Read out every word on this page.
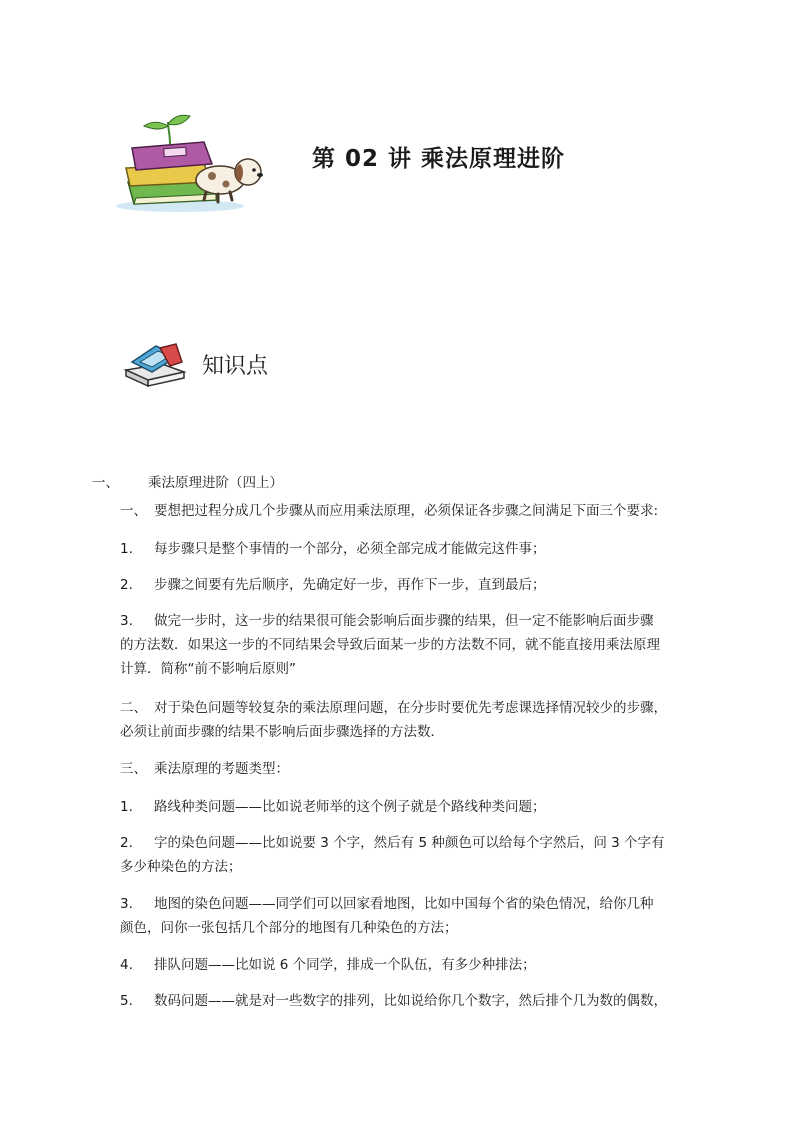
第 02 讲 乘法原理进阶
知识点
一、 乘法原理进阶（四上）
一、 要想把过程分成几个步骤从而应用乘法原理，必须保证各步骤之间满足下面三个要求:
1. 每步骤只是整个事情的一个部分，必须全部完成才能做完这件事；
2. 步骤之间要有先后顺序，先确定好一步，再作下一步，直到最后；
3. 做完一步时，这一步的结果很可能会影响后面步骤的结果，但一定不能影响后面步骤
的方法数．如果这一步的不同结果会导致后面某一步的方法数不同，就不能直接用乘法原理
计算．简称“前不影响后原则”
二、 对于染色问题等较复杂的乘法原理问题，在分步时要优先考虑课选择情况较少的步骤，
必须让前面步骤的结果不影响后面步骤选择的方法数．
三、 乘法原理的考题类型：
1. 路线种类问题——比如说老师举的这个例子就是个路线种类问题；
2. 字的染色问题——比如说要 3 个字，然后有 5 种颜色可以给每个字然后，问 3 个字有
多少种染色的方法；
3. 地图的染色问题——同学们可以回家看地图，比如中国每个省的染色情况，给你几种
颜色，问你一张包括几个部分的地图有几种染色的方法；
4. 排队问题——比如说 6 个同学，排成一个队伍，有多少种排法；
5. 数码问题——就是对一些数字的排列，比如说给你几个数字，然后排个几为数的偶数，
